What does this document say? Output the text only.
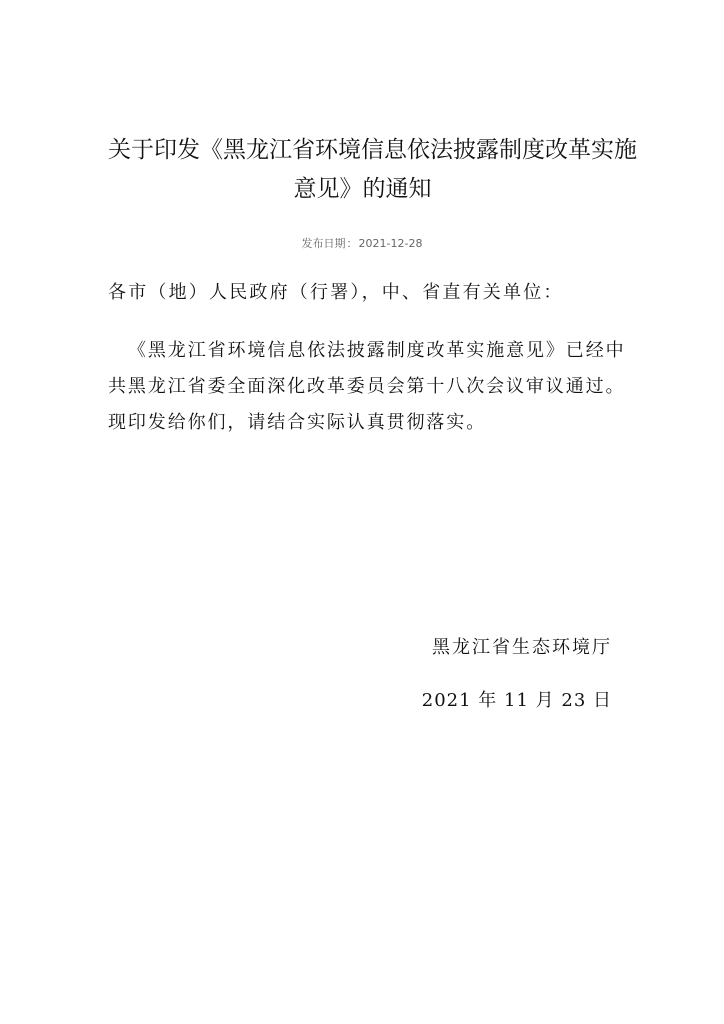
关于印发《黑龙江省环境信息依法披露制度改革实施
意见》的通知
发布日期：2021-12-28
各市（地）人民政府（行署），中、省直有关单位：
《黑龙江省环境信息依法披露制度改革实施意见》已经中
共黑龙江省委全面深化改革委员会第十八次会议审议通过。
现印发给你们，请结合实际认真贯彻落实。
黑龙江省生态环境厅
2021 年 11 月 23 日
